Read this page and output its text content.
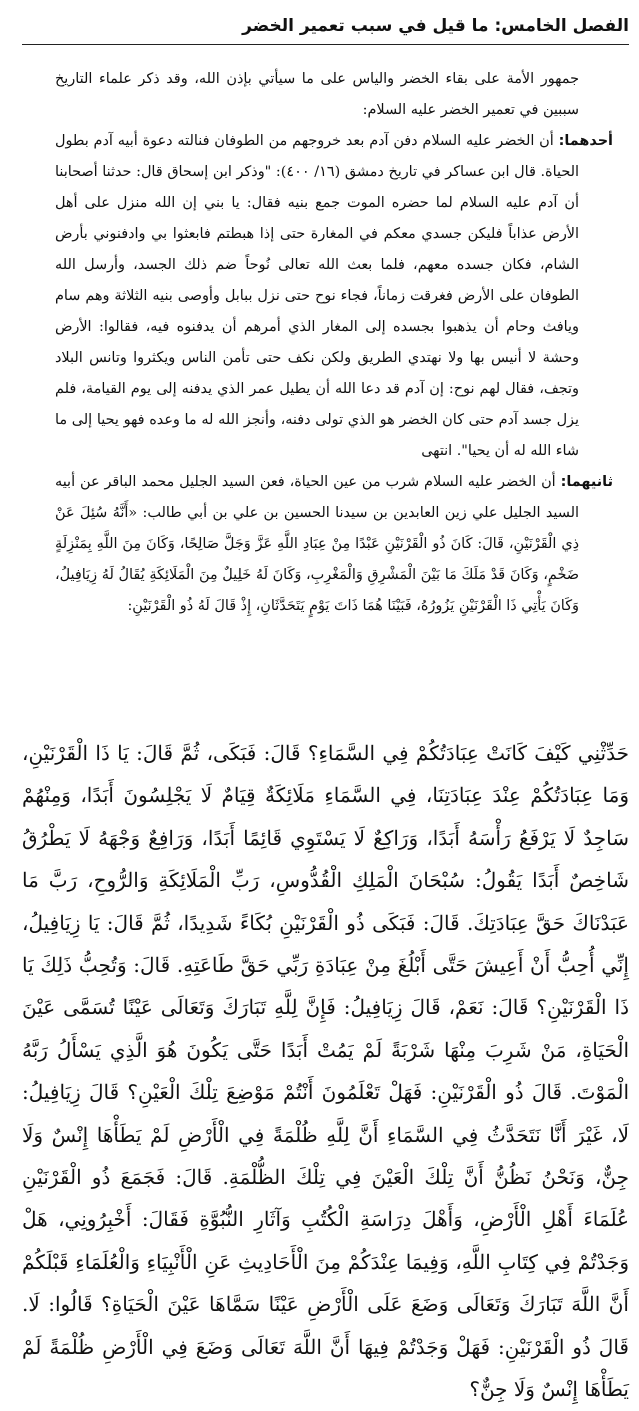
الفصل الخامس: ما قيل في سبب تعمير الخضر

جمهور الأمة على بقاء الخضر والياس على ما سيأتي بإذن الله، وقد ذكر علماء التاريخ سببين في تعمير الخضر عليه السلام:

أحدهما: أن الخضر عليه السلام دفن آدم بعد خروجهم من الطوفان فنالته دعوة أبيه آدم بطول الحياة. قال ابن عساكر في تاريخ دمشق (١٦/ ٤٠٠): "وذكر ابن إسحاق قال: حدثنا أصحابنا أن آدم عليه السلام لما حضره الموت جمع بنيه فقال: يا بني إن الله منزل على أهل الأرض عذاباً فليكن جسدي معكم في المغارة حتى إذا هبطتم فابعثوا بي وادفنوني بأرض الشام، فكان جسده معهم، فلما بعث الله تعالى نُوحاً ضم ذلك الجسد، وأرسل الله الطوفان على الأرض فغرقت زماناً، فجاء نوح حتى نزل ببابل وأوصى بنيه الثلاثة وهم سام ويافث وحام أن يذهبوا بجسده إلى المغار الذي أمرهم أن يدفنوه فيه، فقالوا: الأرض وحشة لا أنيس بها ولا نهتدي الطريق ولكن نكف حتى تأمن الناس ويكثروا وتانس البلاد وتجف، فقال لهم نوح: إن آدم قد دعا الله أن يطيل عمر الذي يدفنه إلى يوم القيامة، فلم يزل جسد آدم حتى كان الخضر هو الذي تولى دفنه، وأنجز الله له ما وعده فهو يحيا إلى ما شاء الله له أن يحيا". انتهى

ثانيهما: أن الخضر عليه السلام شرب من عين الحياة، فعن السيد الجليل محمد الباقر عن أبيه السيد الجليل علي زين العابدين بن سيدنا الحسين بن علي بن أبي طالب: «أَنَّهُ سُئِلَ عَنْ ذِي الْقَرْنَيْنِ، قَالَ: كَانَ ذُو الْقَرْنَيْنِ عَبْدًا مِنْ عِبَادِ اللَّهِ عَزَّ وَجَلَّ صَالِحًا، وَكَانَ مِنَ اللَّهِ بِمَنْزِلَةٍ ضَخْمٍ، وَكَانَ قَدْ مَلَكَ مَا بَيْنَ الْمَشْرِقِ وَالْمَغْرِبِ، وَكَانَ لَهُ خَلِيلٌ مِنَ الْمَلَائِكَةِ يُقَالُ لَهُ زِيَافِيلُ، وَكَانَ يَأْتِي ذَا الْقَرْنَيْنِ يَزُورُهُ، فَبَيْنَا هُمَا ذَاتَ يَوْمٍ يَتَحَدَّثَانِ، إِذْ قَالَ لَهُ ذُو الْقَرْنَيْنِ:

حَدِّثْنِي كَيْفَ كَانَتْ عِبَادَتُكُمْ فِي السَّمَاءِ؟ قَالَ: فَبَكَى، ثُمَّ قَالَ: يَا ذَا الْقَرْنَيْنِ، وَمَا عِبَادَتُكُمْ عِنْدَ عِبَادَتِنَا، فِي السَّمَاءِ مَلَائِكَةٌ قِيَامٌ لَا يَجْلِسُونَ أَبَدًا، وَمِنْهُمْ سَاجِدٌ لَا يَرْفَعُ رَأْسَهُ أَبَدًا، وَرَاكِعٌ لَا يَسْتَوِي قَائِمًا أَبَدًا، وَرَافِعٌ وَجْهَهُ لَا يَطْرُقُ شَاخِصٌ أَبَدًا يَقُولُ: سُبْحَانَ الْمَلِكِ الْقُدُّوسِ، رَبِّ الْمَلَائِكَةِ وَالرُّوحِ، رَبَّ مَا عَبَدْنَاكَ حَقَّ عِبَادَتِكَ. قَالَ: فَبَكَى ذُو الْقَرْنَيْنِ بُكَاءً شَدِيدًا، ثُمَّ قَالَ: يَا زِيَافِيلُ، إِنِّي أُحِبُّ أَنْ أَعِيشَ حَتَّى أَبْلُغَ مِنْ عِبَادَةِ رَبِّي حَقَّ طَاعَتِهِ. قَالَ: وَتُحِبُّ ذَلِكَ يَا ذَا الْقَرْنَيْنِ؟ قَالَ: نَعَمْ، قَالَ زِيَافِيلُ: فَإِنَّ لِلَّهِ تَبَارَكَ وَتَعَالَى عَيْنًا تُسَمَّى عَيْنَ الْحَيَاةِ، مَنْ شَرِبَ مِنْهَا شَرْبَةً لَمْ يَمُتْ أَبَدًا حَتَّى يَكُونَ هُوَ الَّذِي يَسْأَلُ رَبَّهُ الْمَوْتَ. قَالَ ذُو الْقَرْنَيْنِ: فَهَلْ تَعْلَمُونَ أَنْتُمْ مَوْضِعَ تِلْكَ الْعَيْنِ؟ قَالَ زِيَافِيلُ: لَا، غَيْرَ أَنَّا نَتَحَدَّثُ فِي السَّمَاءِ أَنَّ لِلَّهِ ظُلْمَةً فِي الْأَرْضِ لَمْ يَطَأْهَا إِنْسٌ وَلَا جِنٌّ، وَنَحْنُ نَظُنُّ أَنَّ تِلْكَ الْعَيْنَ فِي تِلْكَ الظُّلْمَةِ. قَالَ: فَجَمَعَ ذُو الْقَرْنَيْنِ عُلَمَاءَ أَهْلِ الْأَرْضِ، وَأَهْلَ دِرَاسَةِ الْكُتُبِ وَآثَارِ النُّبُوَّةِ فَقَالَ: أَخْبِرُونِي، هَلْ وَجَدْتُمْ فِي كِتَابِ اللَّهِ، وَفِيمَا عِنْدَكُمْ مِنَ الْأَحَادِيثِ عَنِ الْأَنْبِيَاءِ وَالْعُلَمَاءِ قَبْلَكُمْ أَنَّ اللَّهَ تَبَارَكَ وَتَعَالَى وَضَعَ عَلَى الْأَرْضِ عَيْنًا سَمَّاهَا عَيْنَ الْحَيَاةِ؟ قَالُوا: لَا. قَالَ ذُو الْقَرْنَيْنِ: فَهَلْ وَجَدْتُمْ فِيهَا أَنَّ اللَّهَ تَعَالَى وَضَعَ فِي الْأَرْضِ ظُلْمَةً لَمْ يَطَأْهَا إِنْسٌ وَلَا جِنٌّ؟
